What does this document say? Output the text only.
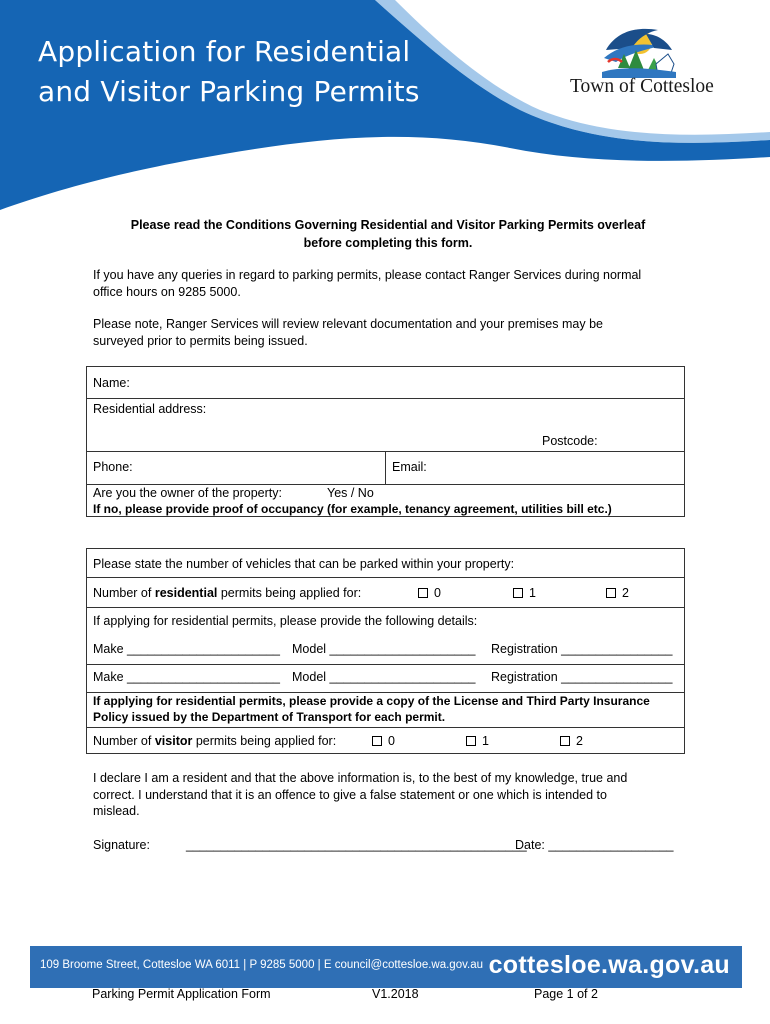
Application for Residential
and Visitor Parking Permits	Town of Cottesloe
Please read the Conditions Governing Residential and Visitor Parking Permits overleaf
before completing this form.
If you have any queries in regard to parking permits, please contact Ranger Services during normal
office hours on 9285 5000.
Please note, Ranger Services will review relevant documentation and your premises may be
surveyed prior to permits being issued.
Name:
Residential address:
Postcode:
Phone:	Email:
Are you the owner of the property:	Yes / No
If no, please provide proof of occupancy (for example, tenancy agreement, utilities bill etc.)
Please state the number of vehicles that can be parked within your property:
Number of residential permits being applied for:	0	1	2
If applying for residential permits, please provide the following details:
Make ______________________ Model _____________________ Registration ________________
Make ______________________ Model _____________________ Registration ________________
If applying for residential permits, please provide a copy of the License and Third Party Insurance
Policy issued by the Department of Transport for each permit.
Number of visitor permits being applied for:	0	1	2
I declare I am a resident and that the above information is, to the best of my knowledge, true and
correct. I understand that it is an offence to give a false statement or one which is intended to
mislead.
Signature:	_________________________________________________
Date: __________________
109 Broome Street, Cottesloe WA 6011 | P 9285 5000 | E council@cottesloe.wa.gov.au cottesloe.wa.gov.au
Parking Permit Application Form	V1.2018	Page 1 of 2
